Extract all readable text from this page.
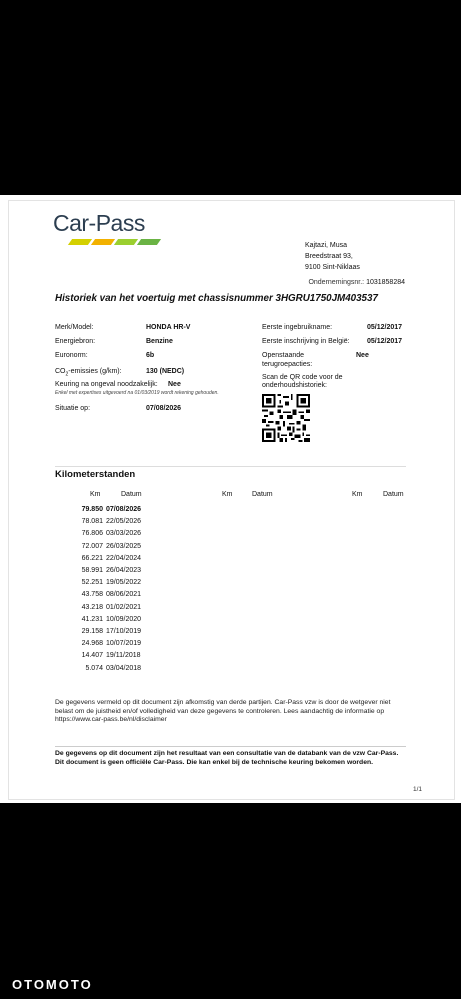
Car-Pass
Kajtazi, Musa
Breedstraat 93,
9100 Sint-Niklaas
Ondernemingsnr.: 1031858284
Historiek van het voertuig met chassisnummer 3HGRU1750JM403537
Merk/Model:	HONDA HR-V
Energiebron:	Benzine
Euronorm:	6b
$CO_2$-emissies (g/km):	130 (NEDC)
Keuring na ongeval noodzakelijk: Nee
Enkel met expertises uitgevoerd na 01/03/2019 wordt rekening gehouden.
Situatie op:	07/08/2026
Eerste ingebruikname:	05/12/2017
Eerste inschrijving in België: 05/12/2017
Openstaande
terugroepacties:
Nee
Scan de QR code voor de
onderhoudshistoriek:
Kilometerstanden
Km	Datum	Km	Datum	Km	Datum
79.850 07/08/2026
78.081 22/05/2026
76.806 03/03/2026
72.007 26/03/2025
66.221 22/04/2024
58.991 26/04/2023
52.251 19/05/2022
43.758 08/06/2021
43.218 01/02/2021
41.231 10/09/2020
29.158 17/10/2019
24.968 10/07/2019
14.407 19/11/2018
5.074 03/04/2018
De gegevens vermeld op dit document zijn afkomstig van derde partijen. Car-Pass vzw is door de wetgever niet belast om de juistheid en/of volledigheid van deze gegevens te controleren. Lees aandachtig de informatie op https://www.car-pass.be/nl/disclaimer
De gegevens op dit document zijn het resultaat van een consultatie van de databank van de vzw Car-Pass. Dit document is geen officiële Car-Pass. Die kan enkel bij de technische keuring bekomen worden.
1/1
OTOMOTO
